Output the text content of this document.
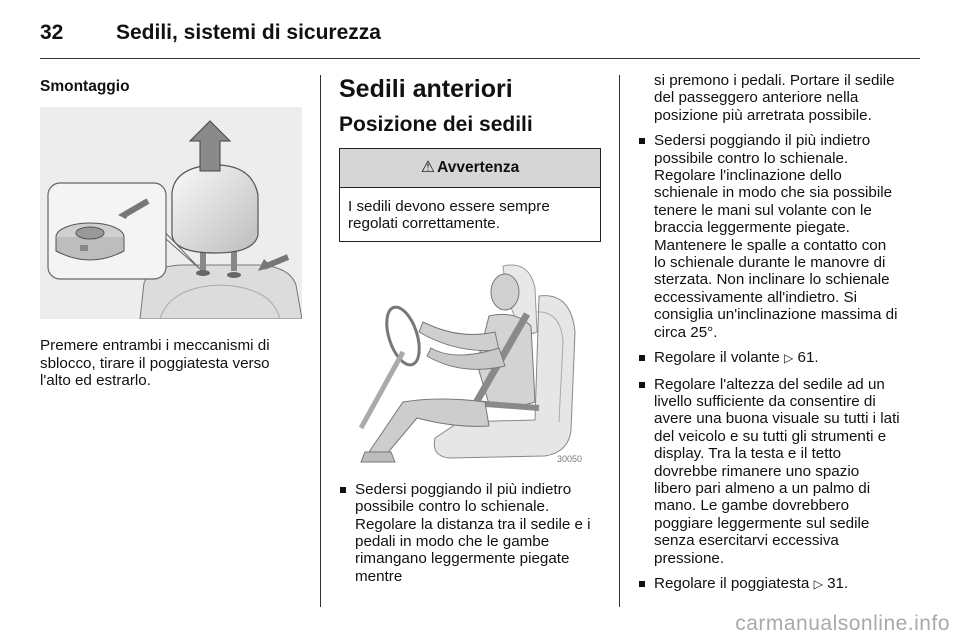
32	Sedili, sistemi di sicurezza
Smontaggio
Premere entrambi i meccanismi di sblocco, tirare il poggiatesta verso l'alto ed estrarlo.
Sedili anteriori
Posizione dei sedili
⚠ Avvertenza
I sedili devono essere sempre regolati correttamente.
30050
Sedersi poggiando il più indietro possibile contro lo schienale. Regolare la distanza tra il sedile e i pedali in modo che le gambe rimangano leggermente piegate mentre
si premono i pedali. Portare il sedile del passeggero anteriore nella posizione più arretrata possibile.
Sedersi poggiando il più indietro possibile contro lo schienale. Regolare l'inclinazione dello schienale in modo che sia possibile tenere le mani sul volante con le braccia leggermente piegate. Mantenere le spalle a contatto con lo schienale durante le manovre di sterzata. Non inclinare lo schienale eccessivamente all'indietro. Si consiglia un'inclinazione massima di circa 25°.
Regolare il volante ▷ 61.
Regolare l'altezza del sedile ad un livello sufficiente da consentire di avere una buona visuale su tutti i lati del veicolo e su tutti gli strumenti e display. Tra la testa e il tetto dovrebbe rimanere uno spazio libero pari almeno a un palmo di mano. Le gambe dovrebbero poggiare leggermente sul sedile senza esercitarvi eccessiva pressione.
Regolare il poggiatesta ▷ 31.
carmanualsonline.info
